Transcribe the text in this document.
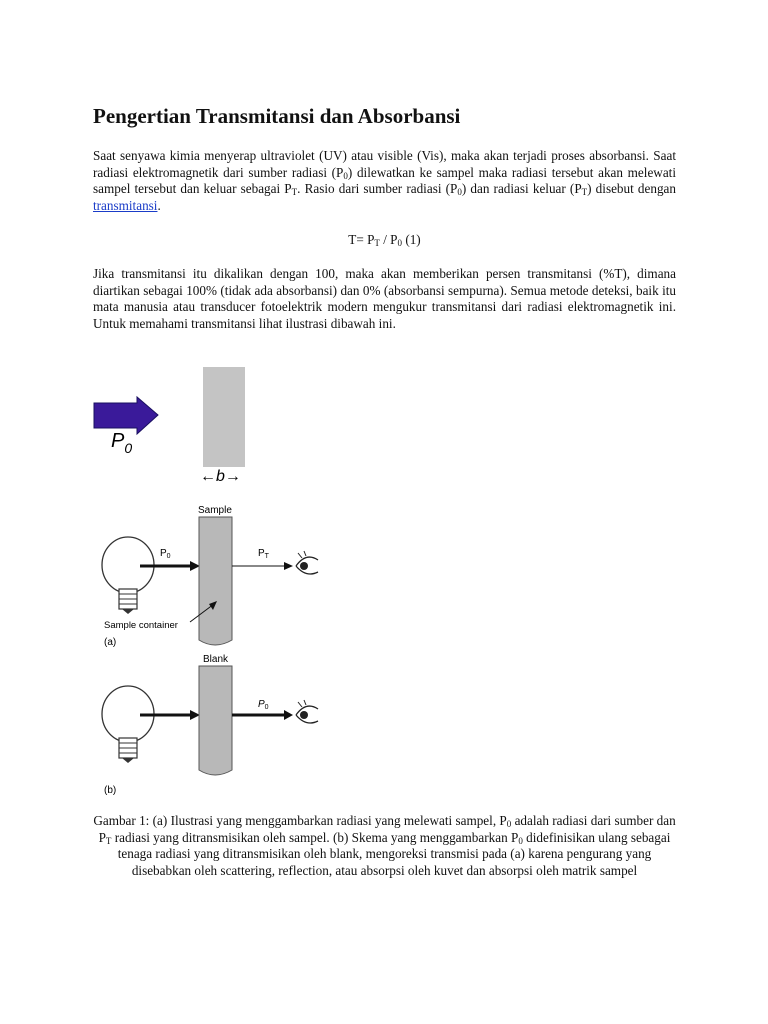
Pengertian Transmitansi dan Absorbansi

Saat senyawa kimia menyerap ultraviolet (UV) atau visible (Vis), maka akan terjadi proses absorbansi. Saat radiasi elektromagnetik dari sumber radiasi $(P_0)$ dilewatkan ke sampel maka radiasi tersebut akan melewati sampel tersebut dan keluar sebagai $P_T$. Rasio dari sumber radiasi $(P_0)$ dan radiasi keluar $(P_T)$ disebut dengan transmitansi.

$T= P_T / P_0$ (1)

Jika transmitansi itu dikalikan dengan 100, maka akan memberikan persen transmitansi (%T), dimana diartikan sebagai 100% (tidak ada absorbansi) dan 0% (absorbansi sempurna). Semua metode deteksi, baik itu mata manusia atau transducer fotoelektrik modern mengukur transmitansi dari radiasi elektromagnetik ini. Untuk memahami transmitansi lihat ilustrasi dibawah ini.

$P_0$
←b→
$P_0$
Sample
$P_T$
Sample container
(a)
Blank
$P_0$
(b)

Gambar 1: (a) Ilustrasi yang menggambarkan radiasi yang melewati sampel, $P_0$ adalah radiasi dari sumber dan $P_T$ radiasi yang ditransmisikan oleh sampel. (b) Skema yang menggambarkan $P_0$ didefinisikan ulang sebagai tenaga radiasi yang ditransmisikan oleh blank, mengoreksi transmisi pada (a) karena pengurang yang disebabkan oleh scattering, reflection, atau absorpsi oleh kuvet dan absorpsi oleh matrik sampel
